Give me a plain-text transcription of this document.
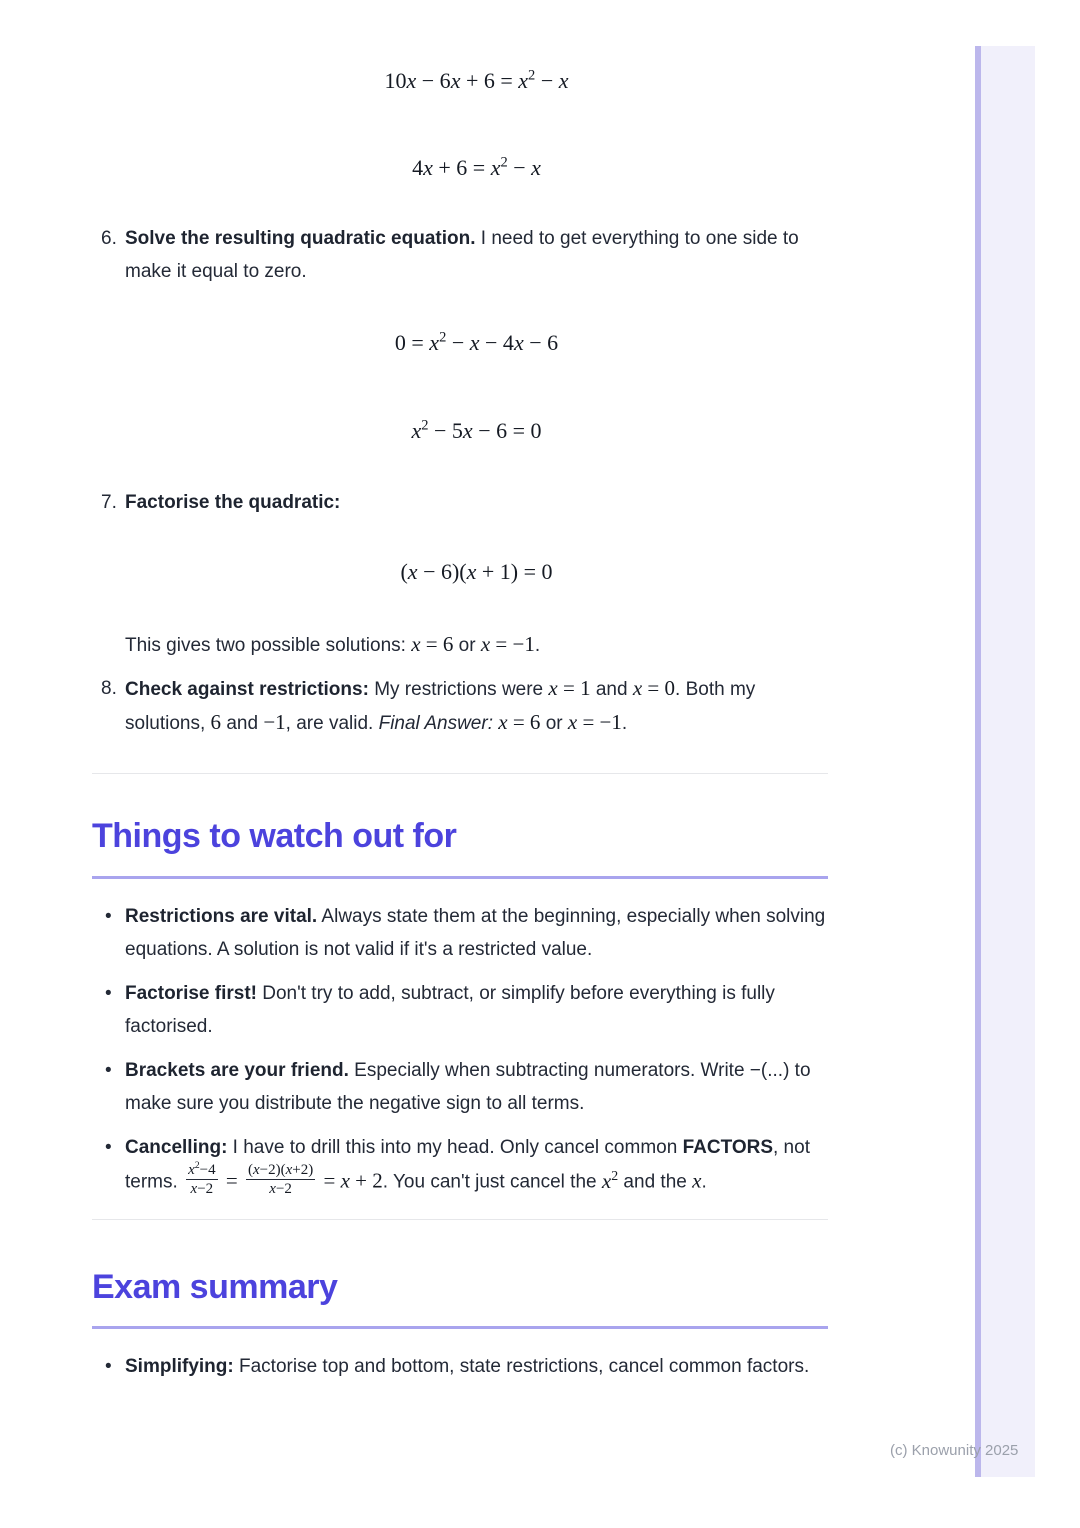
$10x - 6x + 6 = x^2 - x$
$4x + 6 = x^2 - x$
6. Solve the resulting quadratic equation. I need to get everything to one side to make it equal to zero.
$0 = x^2 - x - 4x - 6$
$x^2 - 5x - 6 = 0$
7. Factorise the quadratic:
(x − 6)(x + 1) = 0
This gives two possible solutions: x = 6 or x = −1.
8. Check against restrictions: My restrictions were x = 1 and x = 0. Both my solutions, 6 and −1, are valid. Final Answer: x = 6 or x = −1.
Things to watch out for
• Restrictions are vital. Always state them at the beginning, especially when solving equations. A solution is not valid if it's a restricted value.
• Factorise first! Don't try to add, subtract, or simplify before everything is fully factorised.
• Brackets are your friend. Especially when subtracting numerators. Write −(...) to make sure you distribute the negative sign to all terms.
• Cancelling: I have to drill this into my head. Only cancel common FACTORS, not terms. $\frac{x^2-4}{x-2} = \frac{(x-2)(x+2)}{x-2} = x + 2$. You can't just cancel the $x^2$ and the x.
Exam summary
• Simplifying: Factorise top and bottom, state restrictions, cancel common factors.
(c) Knowunity 2025
